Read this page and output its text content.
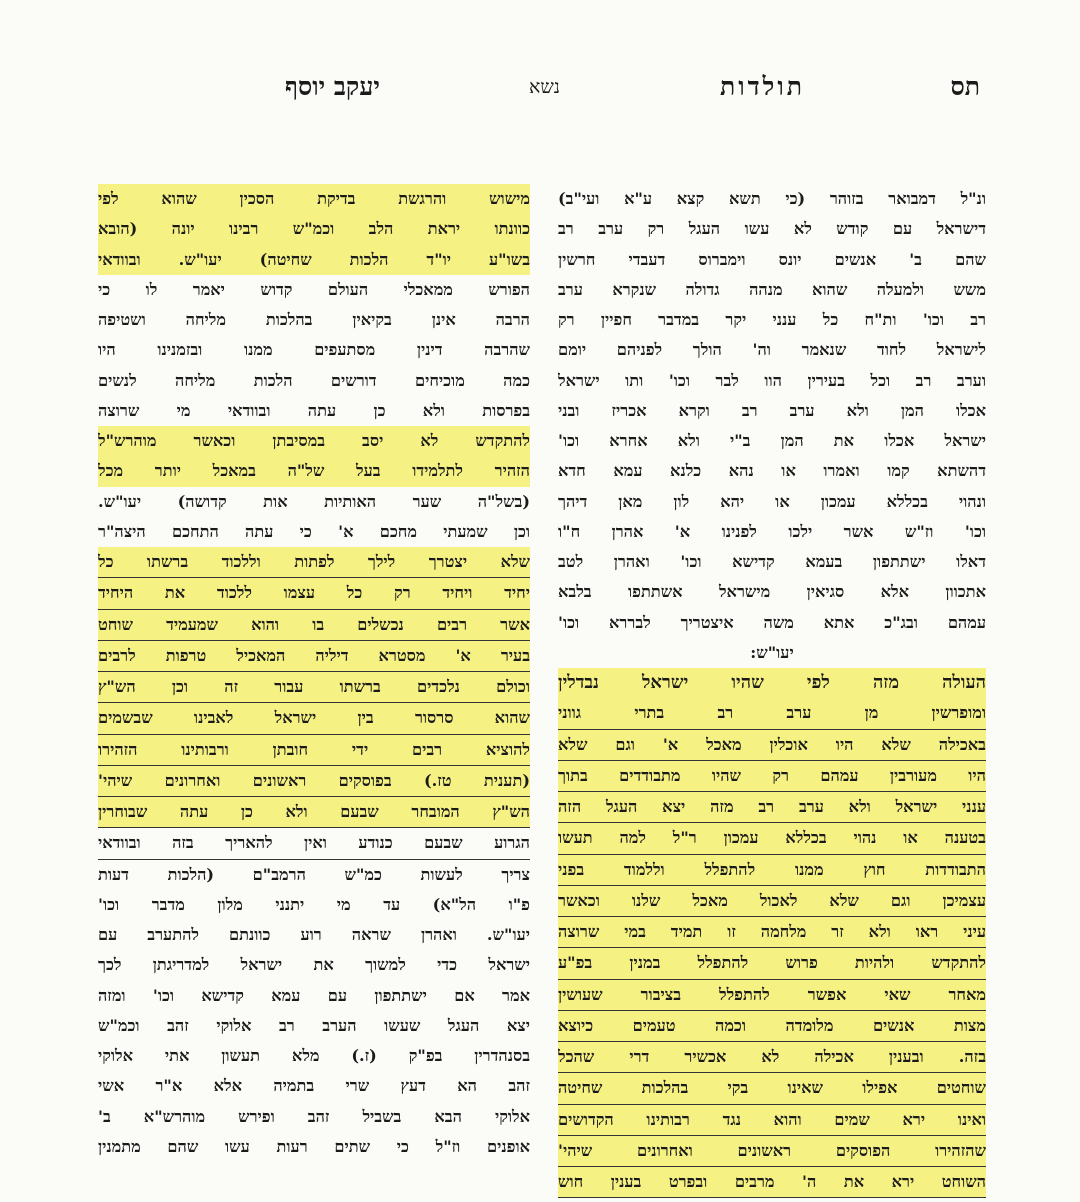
תס
תולדות
נשא
יעקב יוסף
ונ"ל דמבואר בזוהר (כי תשא קצא ע"א ועי"ב)
דישראל עם קודש לא עשו העגל רק ערב רב
שהם ב' אנשים יונס וימברוס דעבדי חרשין
משש ולמעלה שהוא מנהה גדולה שנקרא ערב
רב וכו' ות"ח כל ענני יקר במדבר חפיין רק
לישראל לחוד שנאמר וה' הולך לפניהם יומם
וערב רב וכל בעירין הוו לבר וכו' ותו ישראל
אכלו המן ולא ערב רב וקרא אכריז ובני
ישראל אכלו את המן ב"י ולא אחרא וכו'
דהשתא קמו ואמרו או נהא כלנא עמא חדא
ונהוי בכללא עמכון או יהא לון מאן דיהך
וכו' וז"ש אשר ילכו לפנינו א' אהרן ח"ו
דאלו ישתתפון בעמא קדישא וכו' ואהרן לטב
אתכוון אלא סגיאין מישראל אשתתפו בלבא
עמהם ובג"כ אתא משה איצטריך לבררא וכו'
יעו"ש:
העולה מזה לפי שהיו ישראל נבדלין
ומופרשין מן ערב רב בתרי גווני
באכילה שלא היו אוכלין מאכל א' וגם שלא
היו מעורבין עמהם רק שהיו מתבודדים בתוך
ענני ישראל ולא ערב רב מזה יצא העגל הזה
בטענה או נהוי בכללא עמכון ר"ל למה תעשו
התבודדות חוץ ממנו להתפלל וללמוד בפני
עצמיכן וגם שלא לאכול מאכל שלנו וכאשר
עיני ראו ולא זר מלחמה זו תמיד במי שרוצה
להתקדש ולהיות פרוש להתפלל במנין בפ"ע
מאחר שאי אפשר להתפלל בציבור שעושין
מצות אנשים מלומדה וכמה טעמים כיוצא
בזה. ובענין אכילה לא אכשיר דרי שהכל
שוחטים אפילו שאינו בקי בהלכות שחיטה
ואינו ירא שמים והוא נגד רבותינו הקדושים
שהזהירו הפוסקים ראשונים ואחרונים שיהי'
השוחט ירא את ה' מרבים ובפרט בענין חוש
מישוש והרגשת בדיקת הסכין שהוא לפי
כוונתו יראת הלב וכמ"ש רבינו יונה (הובא
בשו"ע יו"ד הלכות שחיטה) יעו"ש. ובוודאי
הפורש ממאכלי העולם קדוש יאמר לו כי
הרבה אינן בקיאין בהלכות מליחה ושטיפה
שהרבה דינין מסתעפים ממנו ובזמנינו היו
כמה מוכיחים דורשים הלכות מליחה לנשים
בפרסות ולא כן עתה ובוודאי מי שרוצה
להתקדש לא יסב במסיבתן וכאשר מוהרש"ל
הזהיר לתלמידו בעל של"ה במאכל יותר מכל
(בשל"ה שער האותיות אות קדושה) יעו"ש.
וכן שמעתי מחכם א' כי עתה התחכם היצה"ר
שלא יצטרך לילך לפתות וללכוד ברשתו כל
יחיד ויחיד רק כל עצמו ללכוד את היחיד
אשר רבים נכשלים בו והוא שמעמיד שוחט
בעיר א' מסטרא דיליה המאכיל טרפות לרבים
וכולם נלכדים ברשתו עבור זה וכן הש"ץ
שהוא סרסור בין ישראל לאבינו שבשמים
להוציא רבים ידי חובתן ורבותינו הזהירו
(תענית טז.) בפוסקים ראשונים ואחרונים שיהי'
הש"ץ המובחר שבעם ולא כן עתה שבוחרין
הגרוע שבעם כנודע ואין להאריך בזה ובוודאי
צריך לעשות כמ"ש הרמב"ם (הלכות דעות
פ"ו הל"א) עד מי יתנני מלון מדבר וכו'
יעו"ש. ואהרן שראה רוע כוונתם להתערב עם
ישראל כדי למשוך את ישראל למדריגתן לכך
אמר אם ישתתפון עם עמא קדישא וכו' ומזה
יצא העגל שעשו הערב רב אלוקי זהב וכמ"ש
בסנהדרין בפ"ק (ז.) מלא תעשון אתי אלוקי
זהב הא דעץ שרי בתמיה אלא א"ר אשי
אלוקי הבא בשביל זהב ופירש מוהרש"א ב'
אופנים וז"ל כי שתים רעות עשו שהם מתמנין
